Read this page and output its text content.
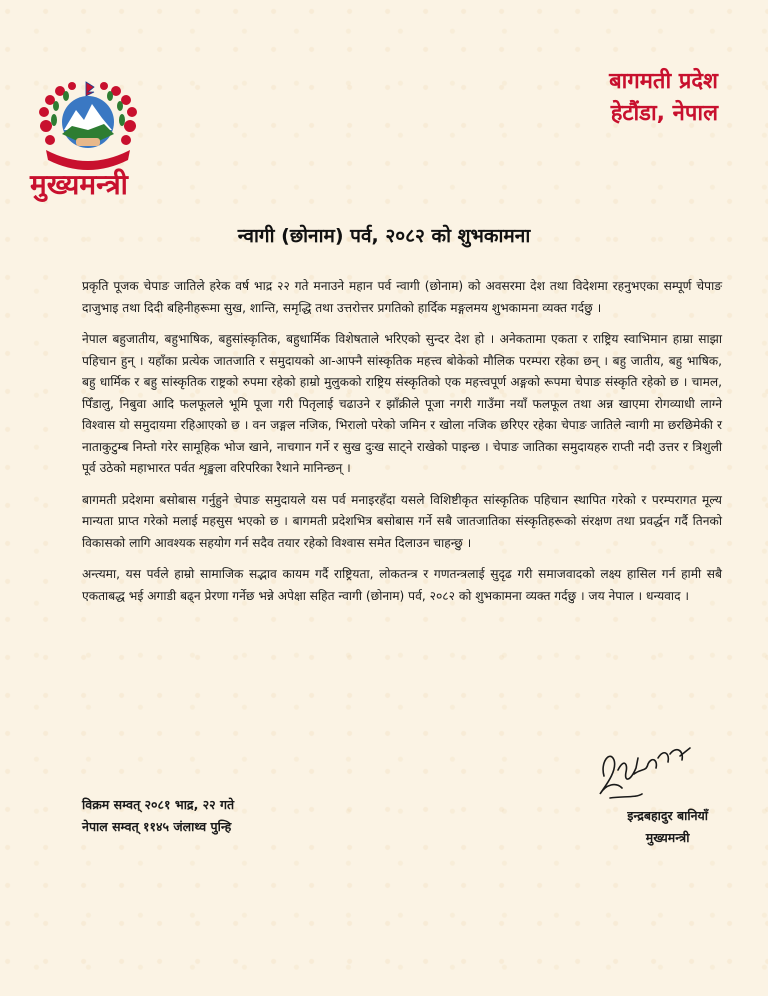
मुख्यमन्त्री
बागमती प्रदेश
हेटौंडा, नेपाल
न्वागी (छोनाम) पर्व, २०८२ को शुभकामना

प्रकृति पूजक चेपाङ जातिले हरेक वर्ष भाद्र २२ गते मनाउने महान पर्व न्वागी (छोनाम) को अवसरमा देश तथा विदेशमा रहनुभएका सम्पूर्ण चेपाङ दाजुभाइ तथा दिदी बहिनीहरूमा सुख, शान्ति, समृद्धि तथा उत्तरोत्तर प्रगतिको हार्दिक मङ्गलमय शुभकामना व्यक्त गर्दछु ।

नेपाल बहुजातीय, बहुभाषिक, बहुसांस्कृतिक, बहुधार्मिक विशेषताले भरिएको सुन्दर देश हो । अनेकतामा एकता र राष्ट्रिय स्वाभिमान हाम्रा साझा पहिचान हुन् । यहाँका प्रत्येक जातजाति र समुदायको आ-आफ्नै सांस्कृतिक महत्त्व बोकेको मौलिक परम्परा रहेका छन् । बहु जातीय, बहु भाषिक, बहु धार्मिक र बहु सांस्कृतिक राष्ट्रको रुपमा रहेको हाम्रो मुलुकको राष्ट्रिय संस्कृतिको एक महत्त्वपूर्ण अङ्गको रूपमा चेपाङ संस्कृति रहेको छ । चामल, पिँडालु, निबुवा आदि फलफूलले भूमि पूजा गरी पितृलाई चढाउने र झाँक्रीले पूजा नगरी गाउँमा नयाँ फलफूल तथा अन्न खाएमा रोगव्याधी लाग्ने विश्वास यो समुदायमा रहिआएको छ । वन जङ्गल नजिक, भिरालो परेको जमिन र खोला नजिक छरिएर रहेका चेपाङ जातिले न्वागी मा छरछिमेकी र नाताकुटुम्ब निम्तो गरेर सामूहिक भोज खाने, नाचगान गर्ने र सुख दुःख साट्ने राखेको पाइन्छ । चेपाङ जातिका समुदायहरु राप्ती नदी उत्तर र त्रिशुली पूर्व उठेको महाभारत पर्वत शृङ्खला वरिपरिका रैथाने मानिन्छन् ।

बागमती प्रदेशमा बसोबास गर्नुहुने चेपाङ समुदायले यस पर्व मनाइरहँदा यसले विशिष्टीकृत सांस्कृतिक पहिचान स्थापित गरेको र परम्परागत मूल्य मान्यता प्राप्त गरेको मलाई महसुस भएको छ । बागमती प्रदेशभित्र बसोबास गर्ने सबै जातजातिका संस्कृतिहरूको संरक्षण तथा प्रवर्द्धन गर्दै तिनको विकासको लागि आवश्यक सहयोग गर्न सदैव तयार रहेको विश्वास समेत दिलाउन चाहन्छु ।

अन्त्यमा, यस पर्वले हाम्रो सामाजिक सद्भाव कायम गर्दै राष्ट्रियता, लोकतन्त्र र गणतन्त्रलाई सुदृढ गरी समाजवादको लक्ष्य हासिल गर्न हामी सबै एकताबद्ध भई अगाडी बढ्न प्रेरणा गर्नेछ भन्ने अपेक्षा सहित न्वागी (छोनाम) पर्व, २०८२ को शुभकामना व्यक्त गर्दछु । जय नेपाल । धन्यवाद ।

विक्रम सम्वत् २०८१ भाद्र, २२ गते
नेपाल सम्वत् ११४५ जंलाथ्व पुन्हि
इन्द्रबहादुर बानियाँ
मुख्यमन्त्री
